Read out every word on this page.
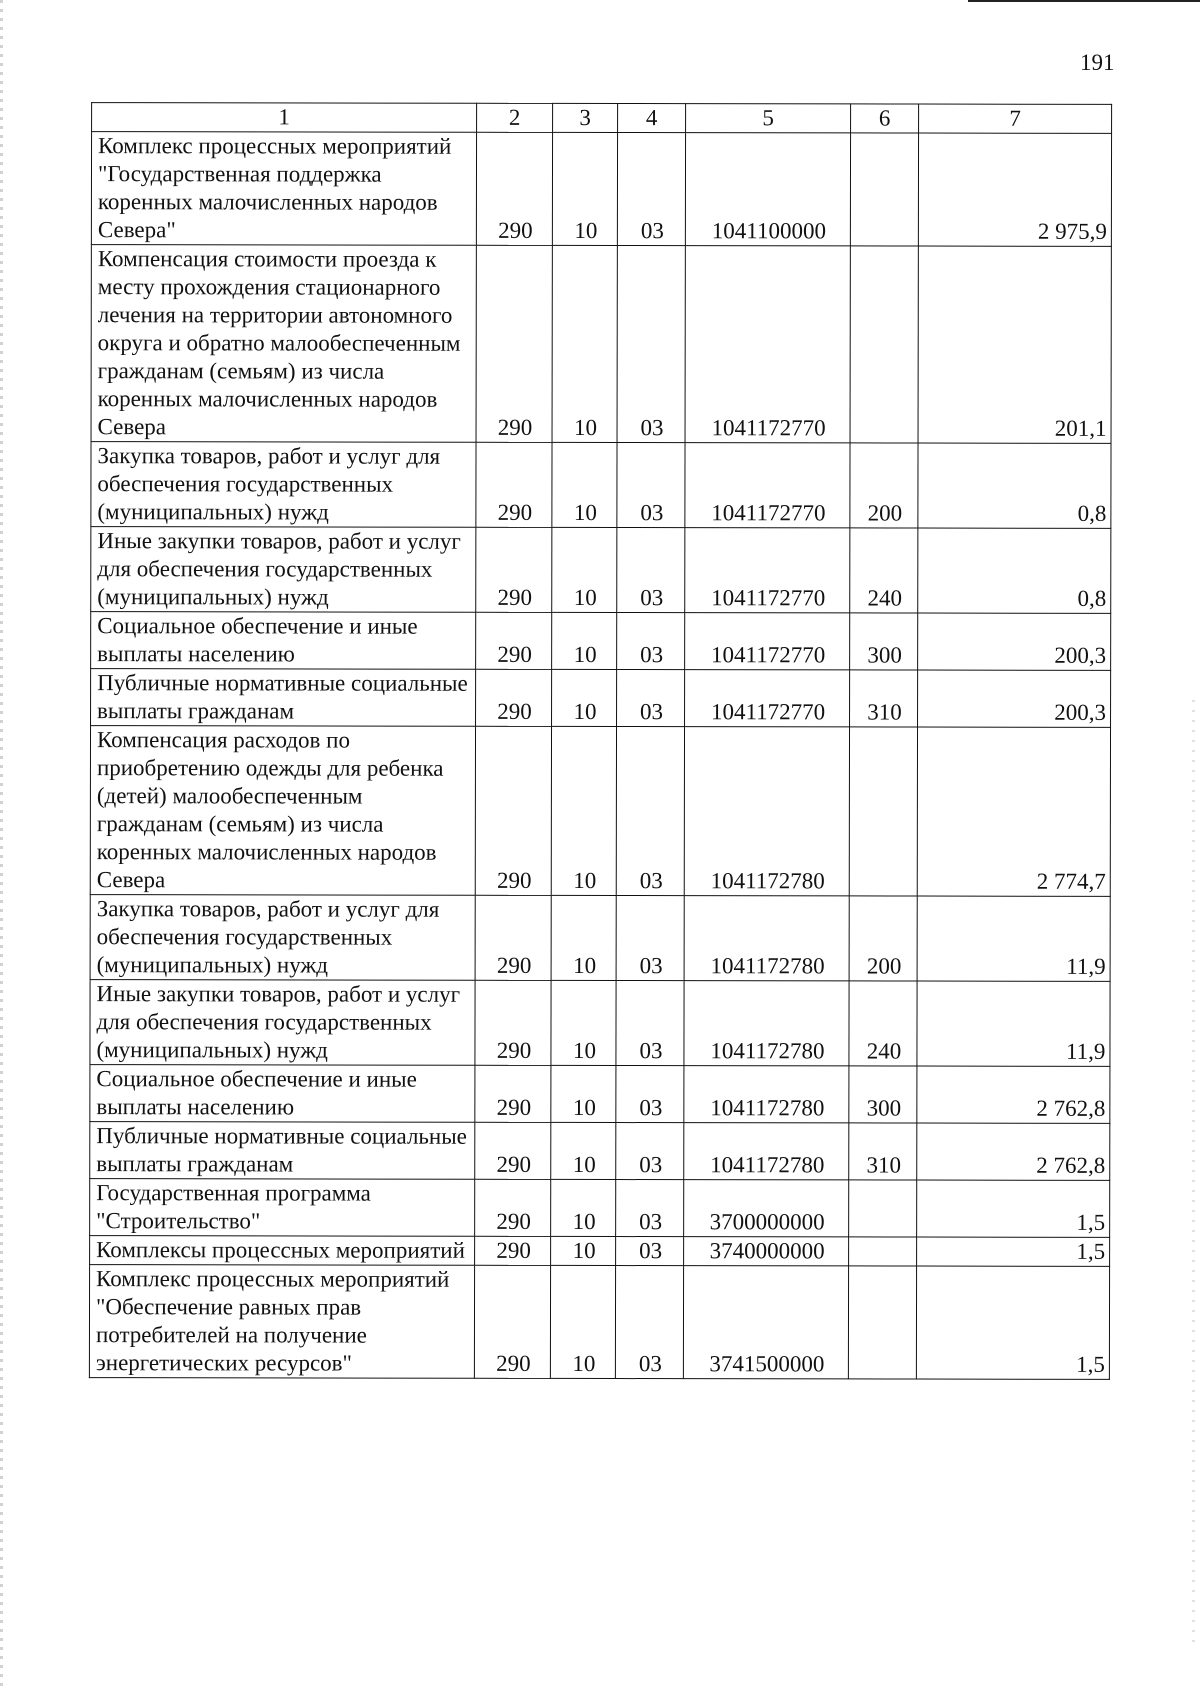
191
1	2	3	4	5	6	7
Комплекс процессных мероприятий "Государственная поддержка коренных малочисленных народов Севера"	290	10	03	1041100000		2 975,9
Компенсация стоимости проезда к месту прохождения стационарного лечения на территории автономного округа и обратно малообеспеченным гражданам (семьям) из числа коренных малочисленных народов Севера	290	10	03	1041172770		201,1
Закупка товаров, работ и услуг для обеспечения государственных (муниципальных) нужд	290	10	03	1041172770	200	0,8
Иные закупки товаров, работ и услуг для обеспечения государственных (муниципальных) нужд	290	10	03	1041172770	240	0,8
Социальное обеспечение и иные выплаты населению	290	10	03	1041172770	300	200,3
Публичные нормативные социальные выплаты гражданам	290	10	03	1041172770	310	200,3
Компенсация расходов по приобретению одежды для ребенка (детей) малообеспеченным гражданам (семьям) из числа коренных малочисленных народов Севера	290	10	03	1041172780		2 774,7
Закупка товаров, работ и услуг для обеспечения государственных (муниципальных) нужд	290	10	03	1041172780	200	11,9
Иные закупки товаров, работ и услуг для обеспечения государственных (муниципальных) нужд	290	10	03	1041172780	240	11,9
Социальное обеспечение и иные выплаты населению	290	10	03	1041172780	300	2 762,8
Публичные нормативные социальные выплаты гражданам	290	10	03	1041172780	310	2 762,8
Государственная программа "Строительство"	290	10	03	3700000000		1,5
Комплексы процессных мероприятий	290	10	03	3740000000		1,5
Комплекс процессных мероприятий "Обеспечение равных прав потребителей на получение энергетических ресурсов"	290	10	03	3741500000		1,5
